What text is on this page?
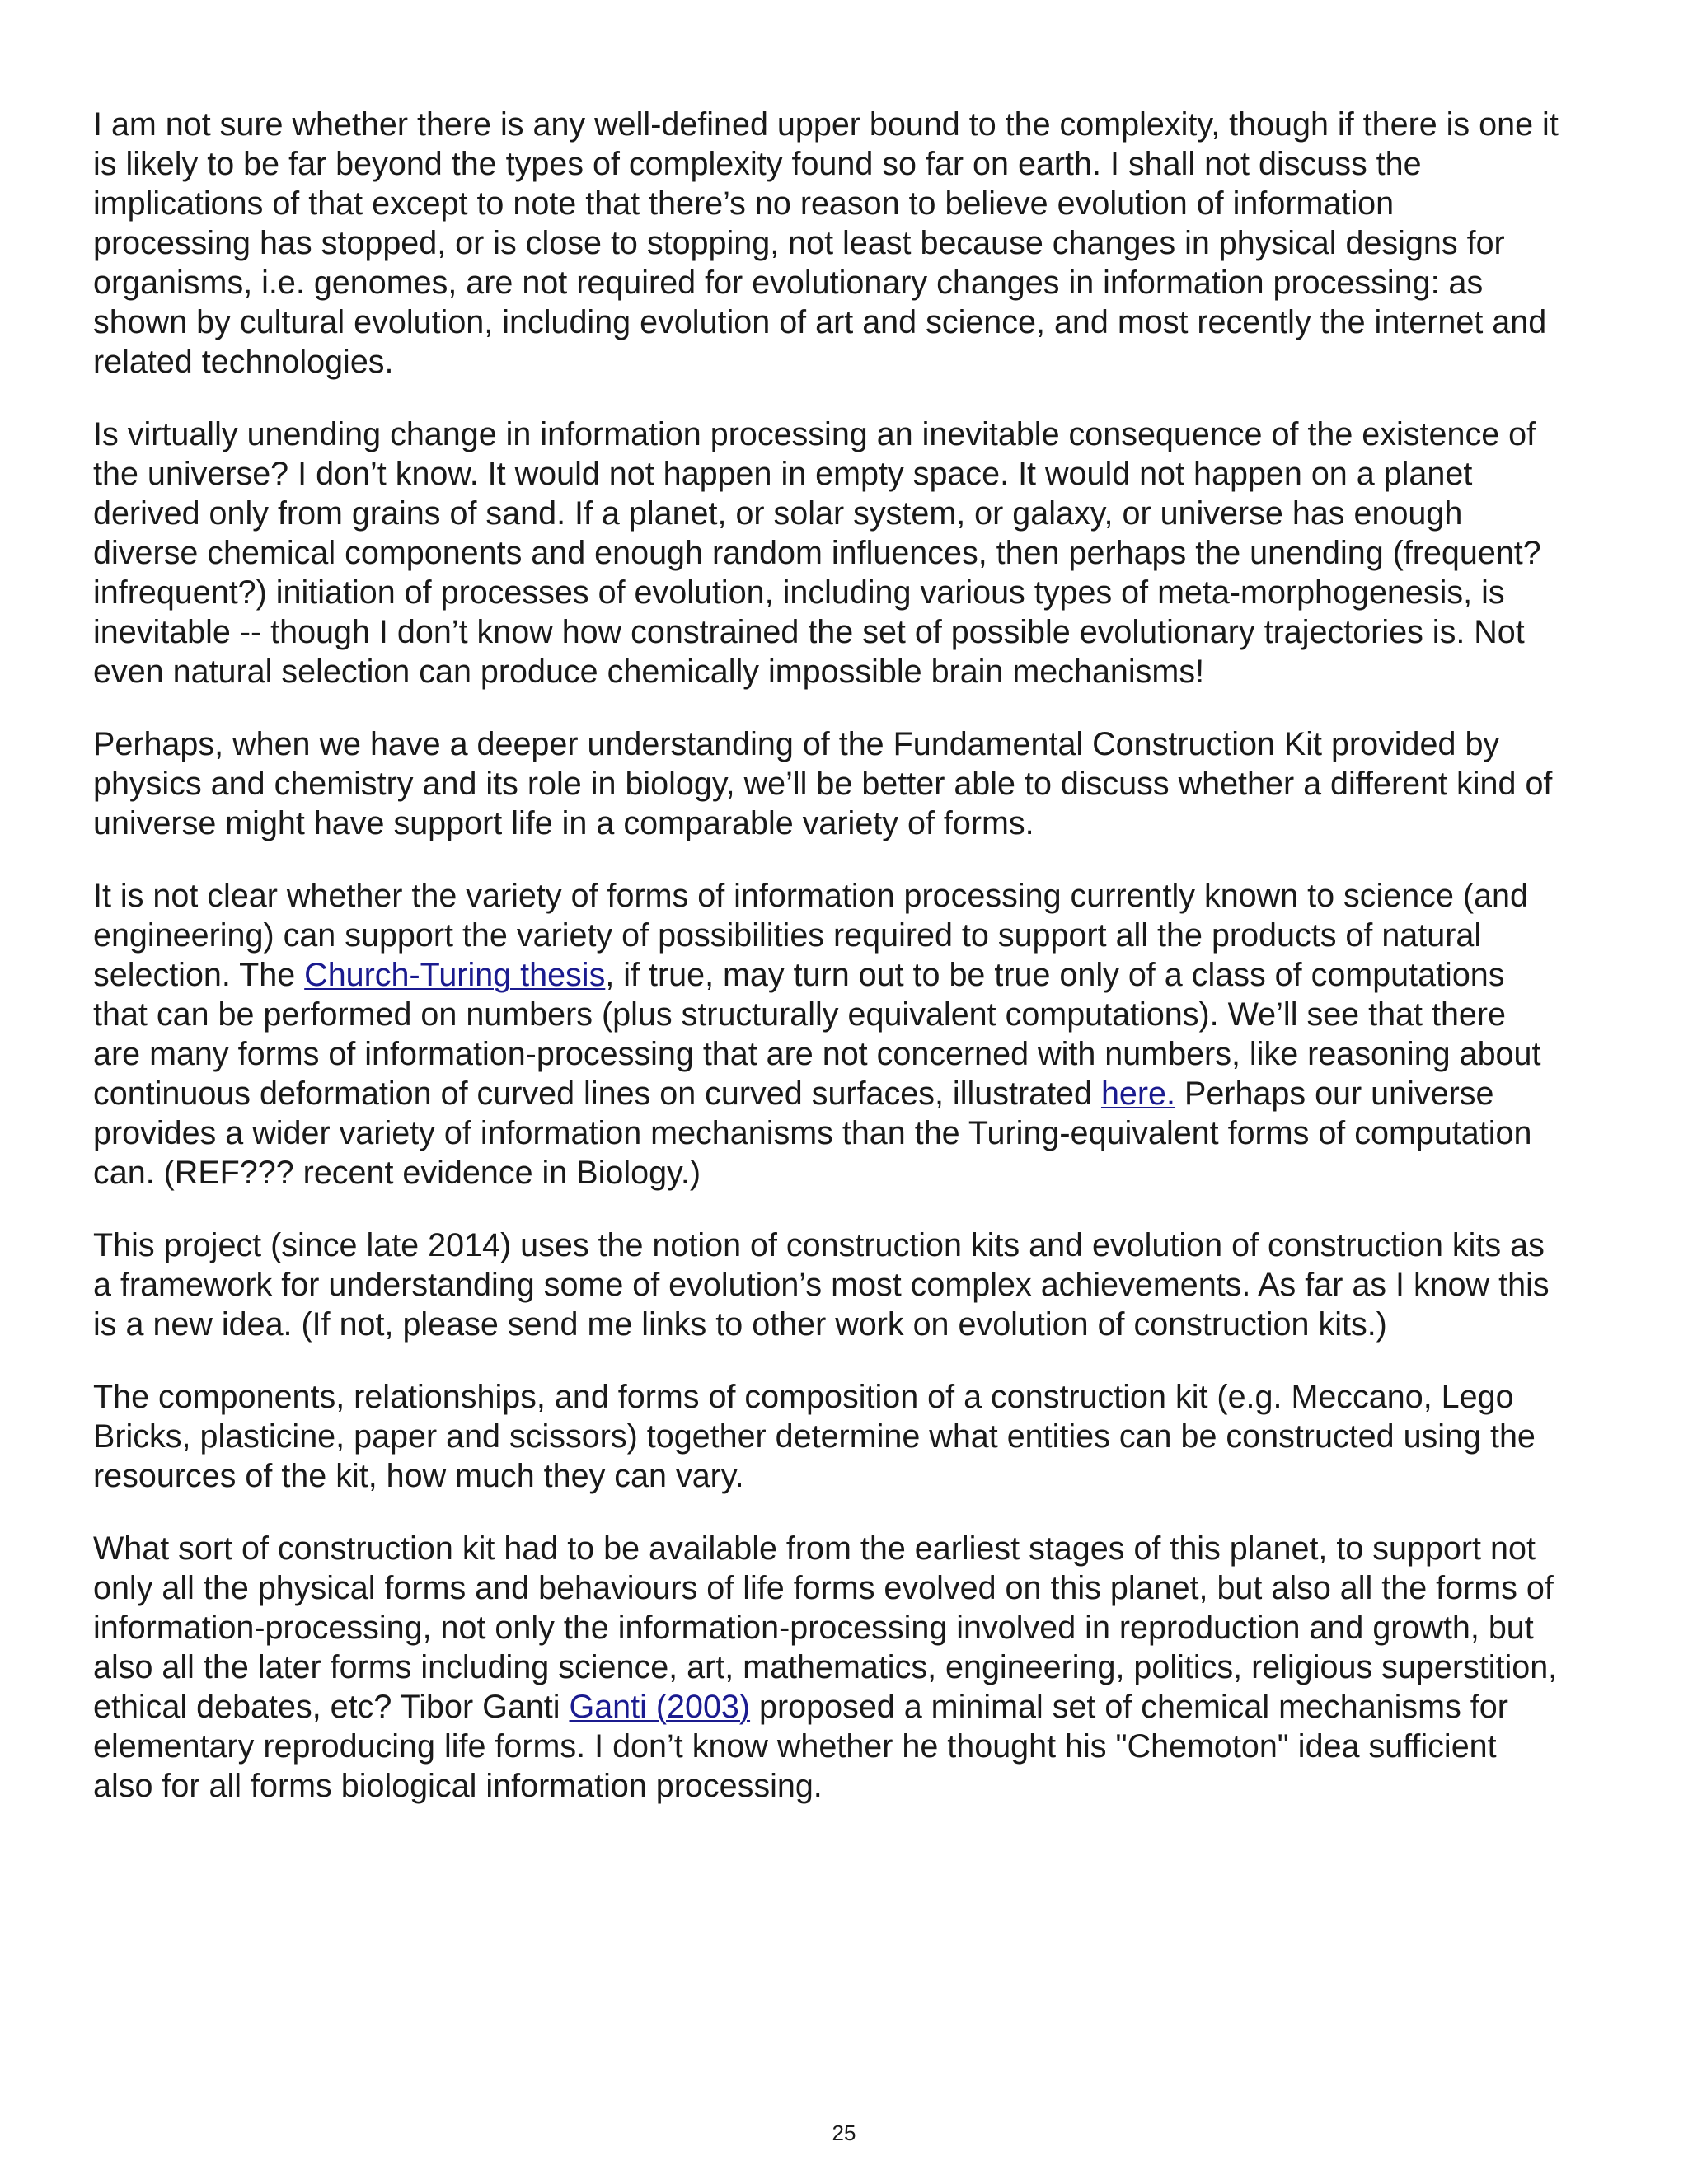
I am not sure whether there is any well-defined upper bound to the complexity, though if there is one it is likely to be far beyond the types of complexity found so far on earth. I shall not discuss the implications of that except to note that there’s no reason to believe evolution of information processing has stopped, or is close to stopping, not least because changes in physical designs for organisms, i.e. genomes, are not required for evolutionary changes in information processing: as shown by cultural evolution, including evolution of art and science, and most recently the internet and related technologies.

Is virtually unending change in information processing an inevitable consequence of the existence of the universe? I don’t know. It would not happen in empty space. It would not happen on a planet derived only from grains of sand. If a planet, or solar system, or galaxy, or universe has enough diverse chemical components and enough random influences, then perhaps the unending (frequent? infrequent?) initiation of processes of evolution, including various types of meta-morphogenesis, is inevitable -- though I don’t know how constrained the set of possible evolutionary trajectories is. Not even natural selection can produce chemically impossible brain mechanisms!

Perhaps, when we have a deeper understanding of the Fundamental Construction Kit provided by physics and chemistry and its role in biology, we’ll be better able to discuss whether a different kind of universe might have support life in a comparable variety of forms.

It is not clear whether the variety of forms of information processing currently known to science (and engineering) can support the variety of possibilities required to support all the products of natural selection. The Church-Turing thesis, if true, may turn out to be true only of a class of computations that can be performed on numbers (plus structurally equivalent computations). We’ll see that there are many forms of information-processing that are not concerned with numbers, like reasoning about continuous deformation of curved lines on curved surfaces, illustrated here. Perhaps our universe provides a wider variety of information mechanisms than the Turing-equivalent forms of computation can. (REF??? recent evidence in Biology.)

This project (since late 2014) uses the notion of construction kits and evolution of construction kits as a framework for understanding some of evolution’s most complex achievements. As far as I know this is a new idea. (If not, please send me links to other work on evolution of construction kits.)

The components, relationships, and forms of composition of a construction kit (e.g. Meccano, Lego Bricks, plasticine, paper and scissors) together determine what entities can be constructed using the resources of the kit, how much they can vary.

What sort of construction kit had to be available from the earliest stages of this planet, to support not only all the physical forms and behaviours of life forms evolved on this planet, but also all the forms of information-processing, not only the information-processing involved in reproduction and growth, but also all the later forms including science, art, mathematics, engineering, politics, religious superstition, ethical debates, etc? Tibor Ganti Ganti (2003) proposed a minimal set of chemical mechanisms for elementary reproducing life forms. I don’t know whether he thought his "Chemoton" idea sufficient also for all forms biological information processing.

25
